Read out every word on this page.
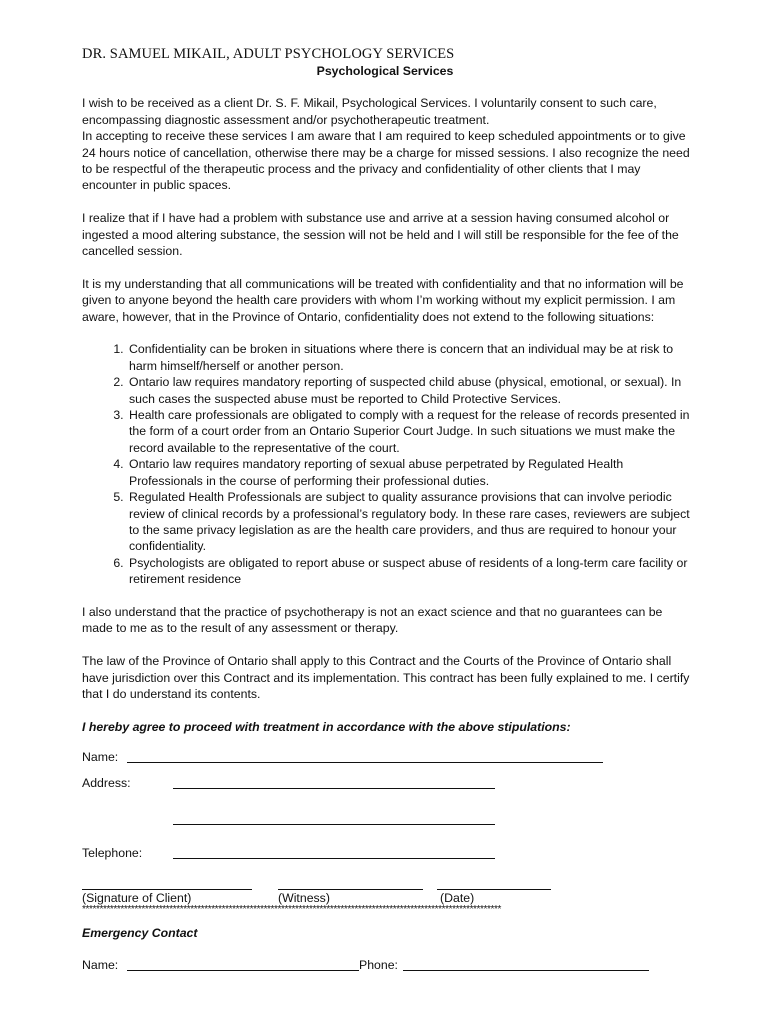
DR. SAMUEL MIKAIL, ADULT PSYCHOLOGY SERVICES
Psychological Services

I wish to be received as a client Dr. S. F. Mikail, Psychological Services. I voluntarily consent to such care, encompassing diagnostic assessment and/or psychotherapeutic treatment.

In accepting to receive these services I am aware that I am required to keep scheduled appointments or to give 24 hours notice of cancellation, otherwise there may be a charge for missed sessions. I also recognize the need to be respectful of the therapeutic process and the privacy and confidentiality of other clients that I may encounter in public spaces.

I realize that if I have had a problem with substance use and arrive at a session having consumed alcohol or ingested a mood altering substance, the session will not be held and I will still be responsible for the fee of the cancelled session.

It is my understanding that all communications will be treated with confidentiality and that no information will be given to anyone beyond the health care providers with whom I’m working without my explicit permission. I am aware, however, that in the Province of Ontario, confidentiality does not extend to the following situations:

1. Confidentiality can be broken in situations where there is concern that an individual may be at risk to harm himself/herself or another person.
2. Ontario law requires mandatory reporting of suspected child abuse (physical, emotional, or sexual). In such cases the suspected abuse must be reported to Child Protective Services.
3. Health care professionals are obligated to comply with a request for the release of records presented in the form of a court order from an Ontario Superior Court Judge. In such situations we must make the record available to the representative of the court.
4. Ontario law requires mandatory reporting of sexual abuse perpetrated by Regulated Health Professionals in the course of performing their professional duties.
5. Regulated Health Professionals are subject to quality assurance provisions that can involve periodic review of clinical records by a professional’s regulatory body. In these rare cases, reviewers are subject to the same privacy legislation as are the health care providers, and thus are required to honour your confidentiality.
6. Psychologists are obligated to report abuse or suspect abuse of residents of a long-term care facility or retirement residence

I also understand that the practice of psychotherapy is not an exact science and that no guarantees can be made to me as to the result of any assessment or therapy.

The law of the Province of Ontario shall apply to this Contract and the Courts of the Province of Ontario shall have jurisdiction over this Contract and its implementation. This contract has been fully explained to me. I certify that I do understand its contents.

I hereby agree to proceed with treatment in accordance with the above stipulations:
Name:
Address:
Telephone:
(Signature of Client)	(Witness)	(Date)
************************************************************************************************************************
Emergency Contact
Name:	Phone:
